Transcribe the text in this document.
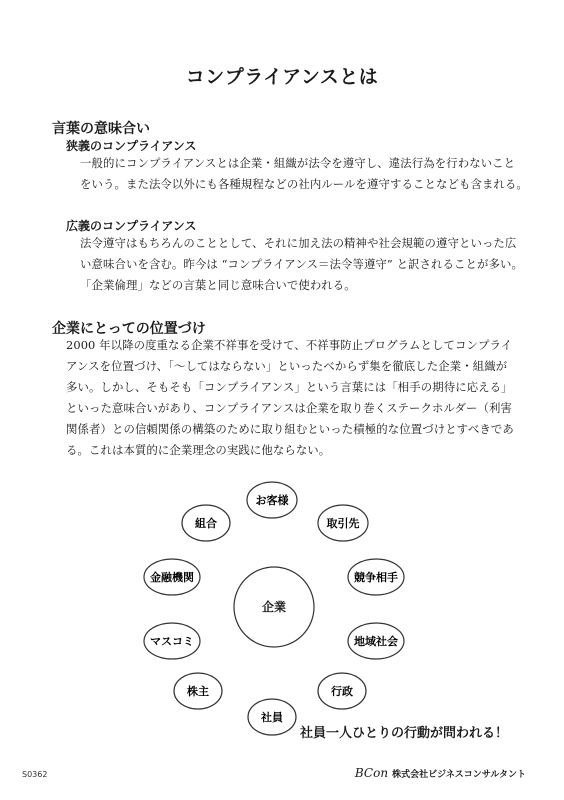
コンプライアンスとは
言葉の意味合い
狭義のコンプライアンス

一般的にコンプライアンスとは企業・組織が法令を遵守し、違法行為を行わないこと
をいう。また法令以外にも各種規程などの社内ルールを遵守することなども含まれる。

広義のコンプライアンス

法令遵守はもちろんのこととして、それに加え法の精神や社会規範の遵守といった広
い意味合いを含む。昨今は “コンプライアンス＝法令等遵守” と訳されることが多い。
「企業倫理」などの言葉と同じ意味合いで使われる。

企業にとっての位置づけ

2000 年以降の度重なる企業不祥事を受けて、不祥事防止プログラムとしてコンプライ
アンスを位置づけ、「～してはならない」といったべからず集を徹底した企業・組織が
多い。しかし、そもそも「コンプライアンス」という言葉には「相手の期待に応える」
といった意味合いがあり、コンプライアンスは企業を取り巻くステークホルダー（利害
関係者）との信頼関係の構築のために取り組むといった積極的な位置づけとすべきであ
る。これは本質的に企業理念の実践に他ならない。

企業
お客様
取引先
競争相手
地域社会
行政
社員
株主
マスコミ
金融機関
組合
社員一人ひとりの行動が問われる！
S0362	BCon 株式会社ビジネスコンサルタント
